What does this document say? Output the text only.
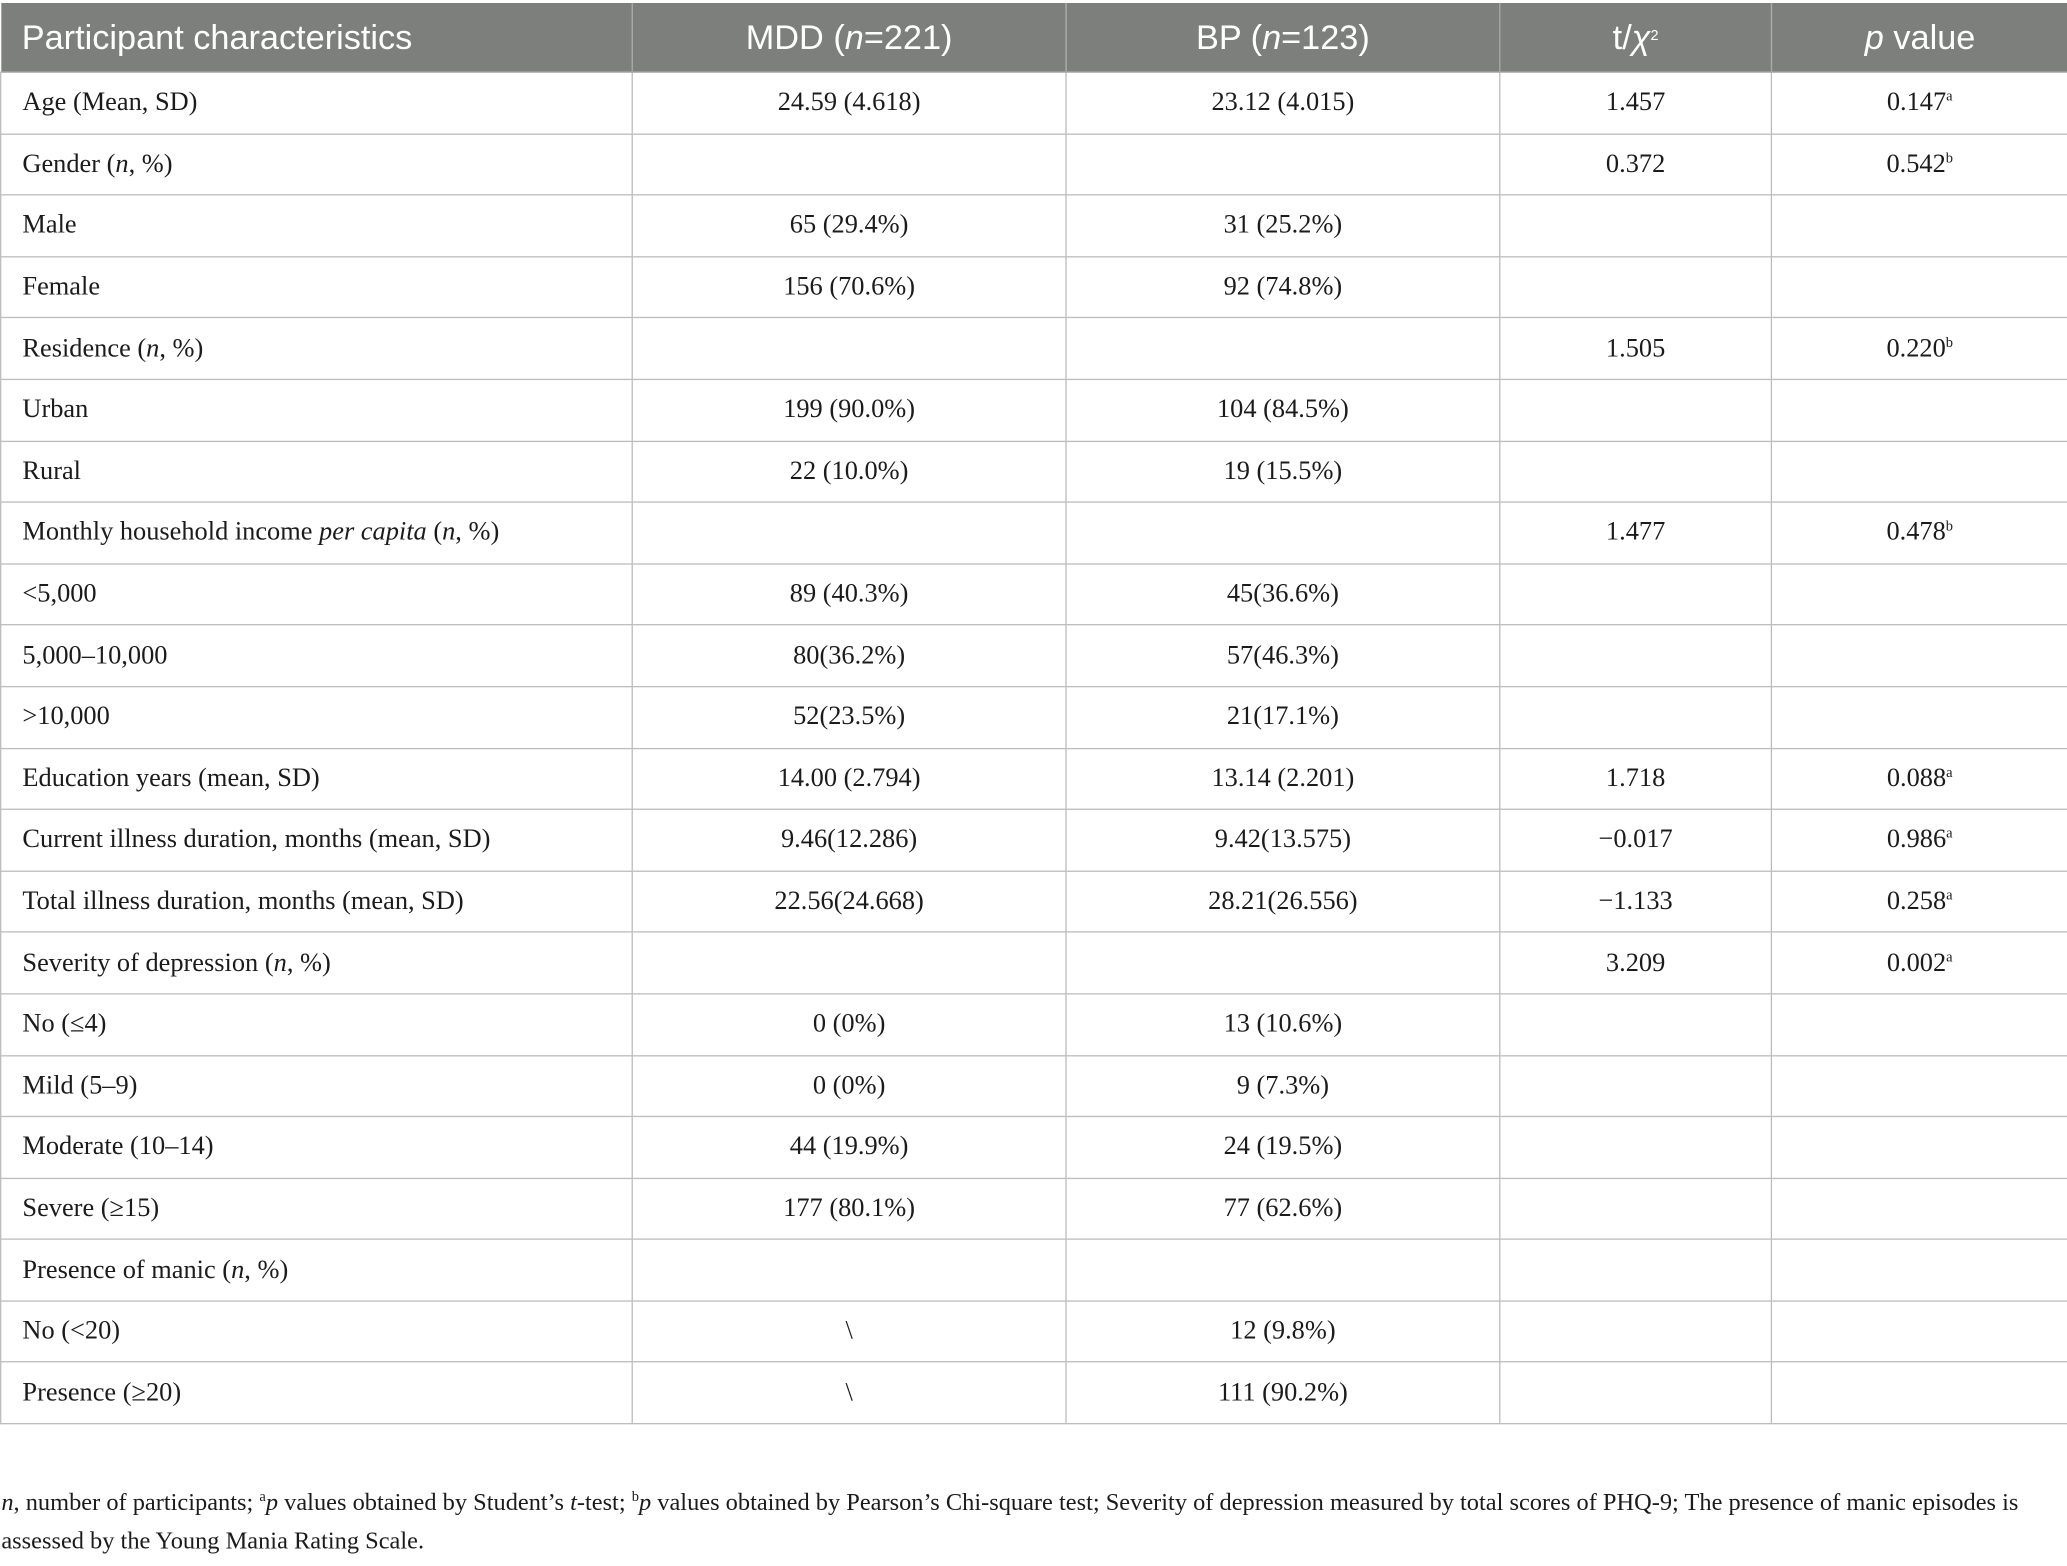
Participant characteristics	MDD (n=221)	BP (n=123)	$t/\chi^2$	p value
Age (Mean, SD)	24.59 (4.618)	23.12 (4.015)	1.457	0.147$^a$
Gender (n, %)			0.372	0.542$^b$
Male	65 (29.4%)	31 (25.2%)		
Female	156 (70.6%)	92 (74.8%)		
Residence (n, %)			1.505	0.220$^b$
Urban	199 (90.0%)	104 (84.5%)		
Rural	22 (10.0%)	19 (15.5%)		
Monthly household income per capita (n, %)			1.477	0.478$^b$
<5,000	89 (40.3%)	45(36.6%)		
5,000–10,000	80(36.2%)	57(46.3%)		
>10,000	52(23.5%)	21(17.1%)		
Education years (mean, SD)	14.00 (2.794)	13.14 (2.201)	1.718	0.088$^a$
Current illness duration, months (mean, SD)	9.46(12.286)	9.42(13.575)	−0.017	0.986$^a$
Total illness duration, months (mean, SD)	22.56(24.668)	28.21(26.556)	−1.133	0.258$^a$
Severity of depression (n, %)			3.209	0.002$^a$
No (≤4)	0 (0%)	13 (10.6%)		
Mild (5–9)	0 (0%)	9 (7.3%)		
Moderate (10–14)	44 (19.9%)	24 (19.5%)		
Severe (≥15)	177 (80.1%)	77 (62.6%)		
Presence of manic (n, %)				
No (<20)	\	12 (9.8%)		
Presence (≥20)	\	111 (90.2%)		
n, number of participants; $^a$p values obtained by Student’s t-test; $^b$p values obtained by Pearson’s Chi-square test; Severity of depression measured by total scores of PHQ-9; The presence of manic episodes is assessed by the Young Mania Rating Scale.
